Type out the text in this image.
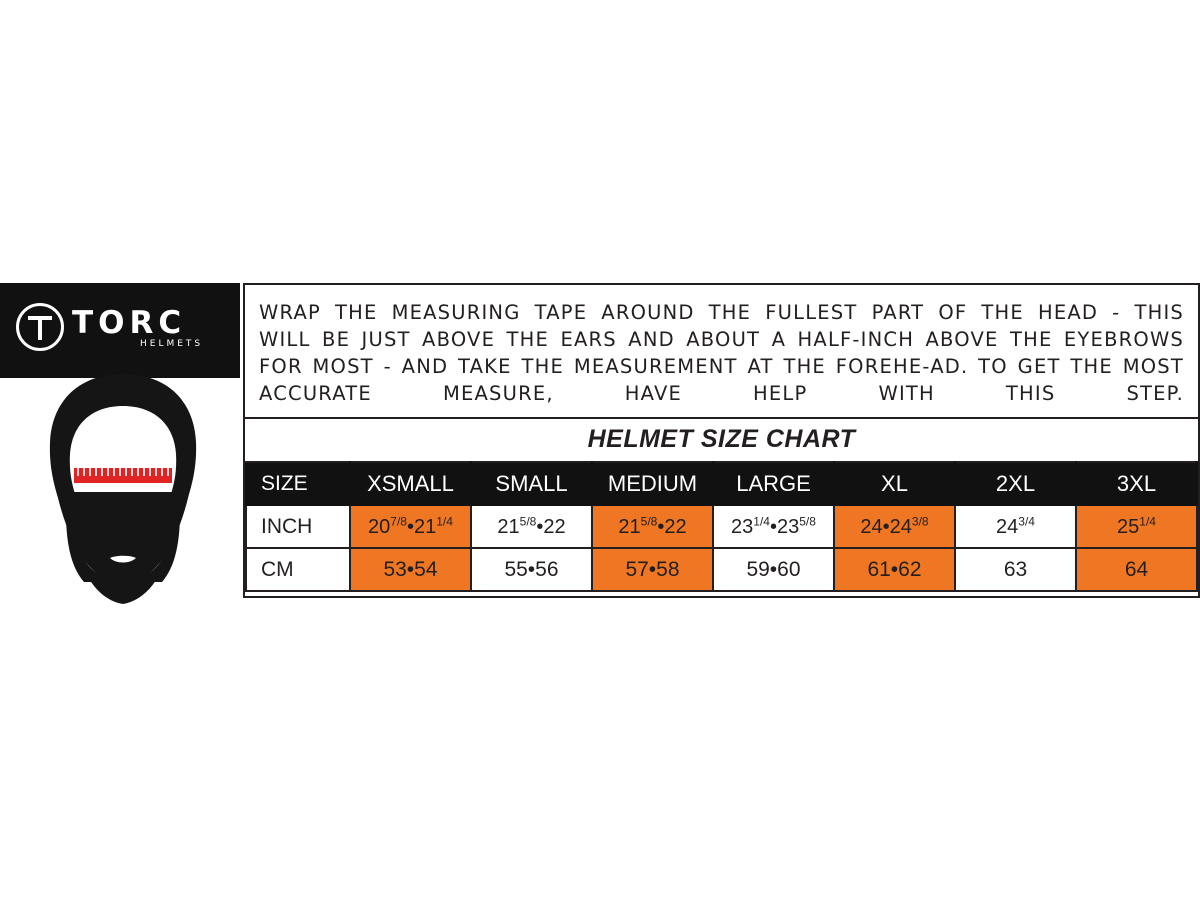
TORC
HELMETS
WRAP THE MEASURING TAPE AROUND THE FULLEST PART OF THE HEAD - THIS WILL BE JUST ABOVE THE EARS AND ABOUT A HALF-INCH ABOVE THE EYEBROWS FOR MOST - AND TAKE THE MEASUREMENT AT THE FOREHE-AD. TO GET THE MOST ACCURATE MEASURE, HAVE HELP WITH THIS STEP.
HELMET SIZE CHART
SIZE	XSMALL	SMALL	MEDIUM	LARGE	XL	2XL	3XL
INCH	$20^{7/8}•21^{1/4}$	$21^{5/8}•22$	$21^{5/8}•22$	$23^{1/4}•23^{5/8}$	$24•24^{3/8}$	$24^{3/4}$	$25^{1/4}$
CM	53•54	55•56	57•58	59•60	61•62	63	64
